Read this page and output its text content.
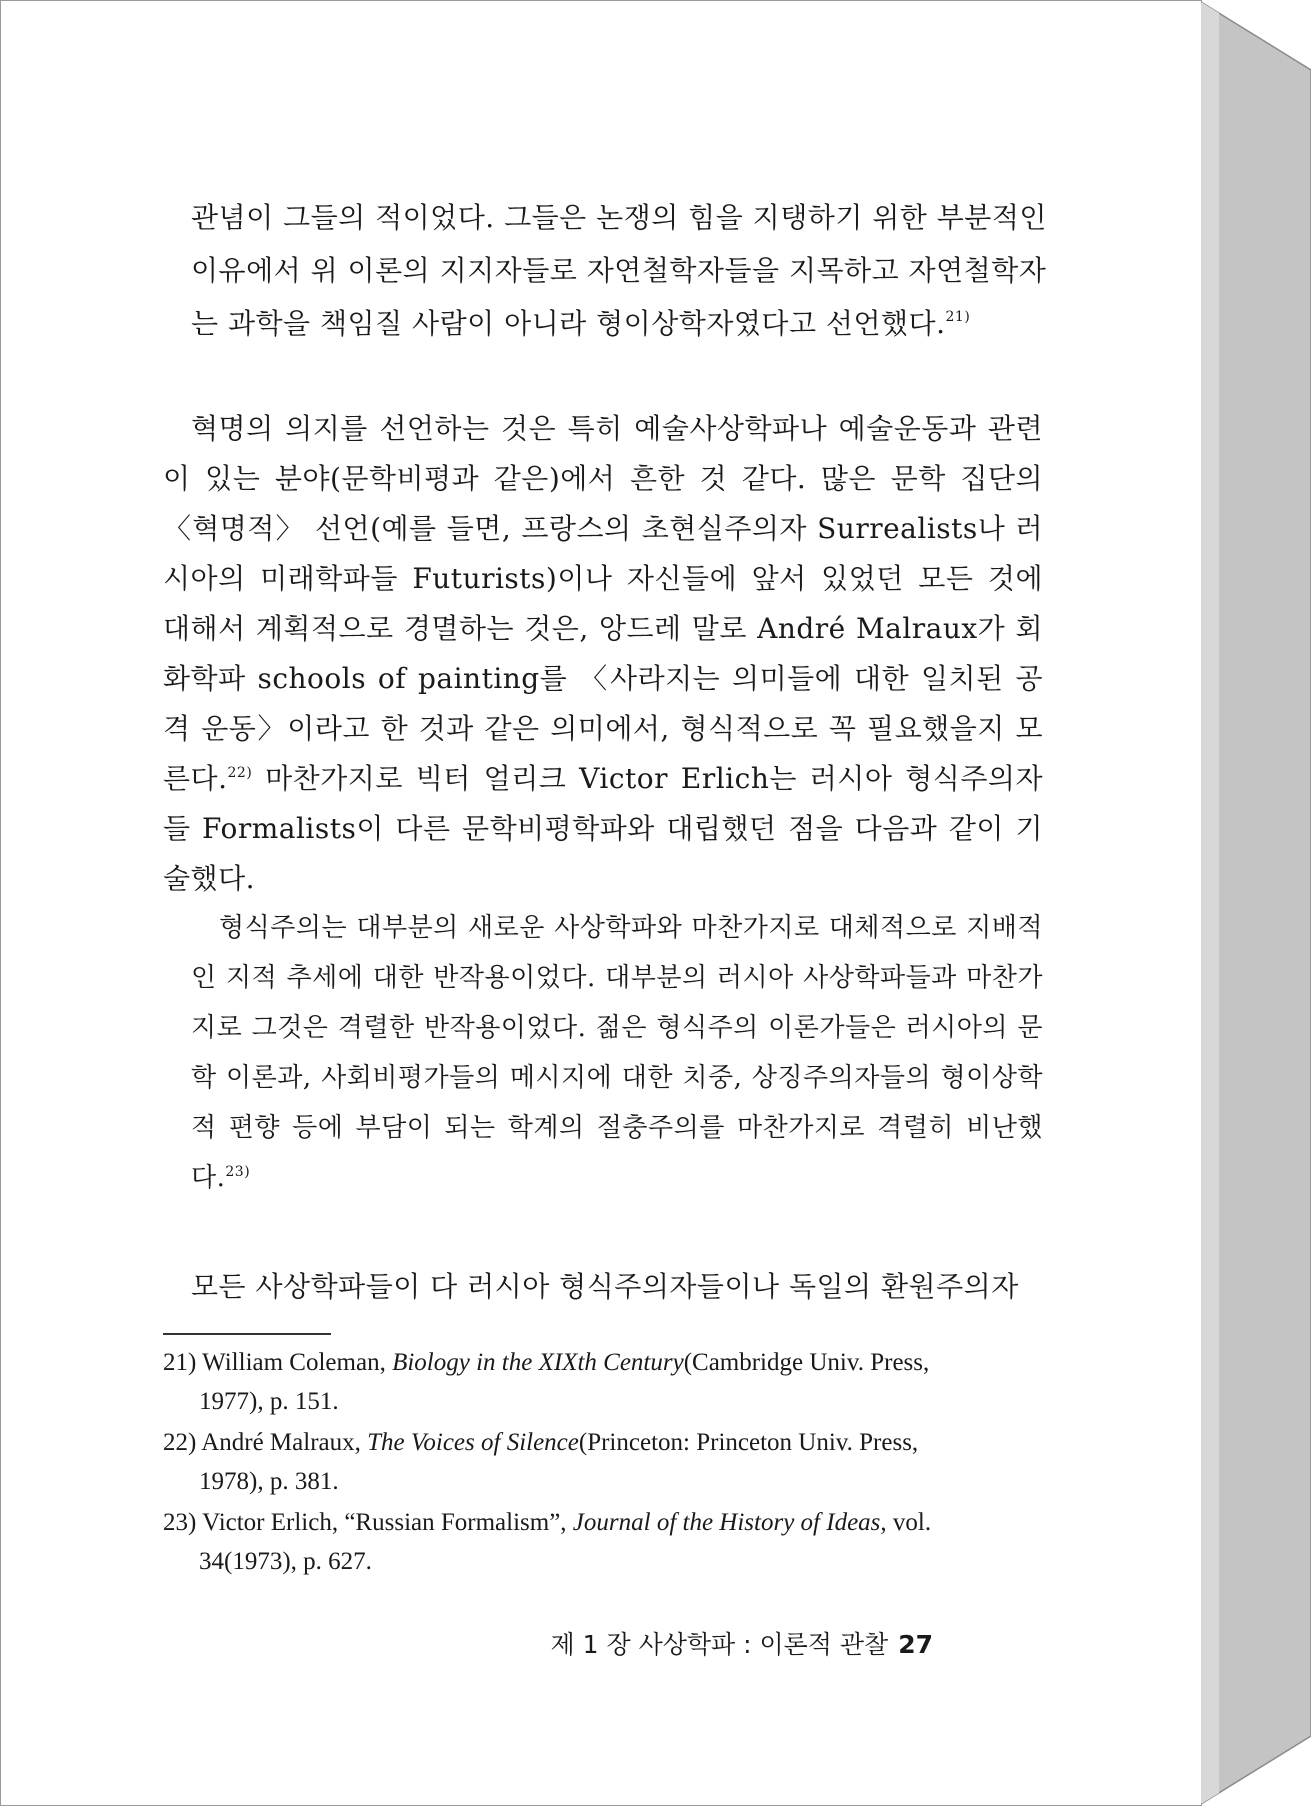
관념이 그들의 적이었다. 그들은 논쟁의 힘을 지탱하기 위한 부분적인 이유에서 위 이론의 지지자들로 자연철학자들을 지목하고 자연철학자는 과학을 책임질 사람이 아니라 형이상학자였다고 선언했다.$^{21)}$
혁명의 의지를 선언하는 것은 특히 예술사상학파나 예술운동과 관련이 있는 분야(문학비평과 같은)에서 흔한 것 같다. 많은 문학 집단의 〈혁명적〉 선언(예를 들면, 프랑스의 초현실주의자 Surrealists나 러시아의 미래학파들 Futurists)이나 자신들에 앞서 있었던 모든 것에 대해서 계획적으로 경멸하는 것은, 앙드레 말로 André Malraux가 회화학파 schools of painting를 〈사라지는 의미들에 대한 일치된 공격 운동〉이라고 한 것과 같은 의미에서, 형식적으로 꼭 필요했을지 모른다.$^{22)}$ 마찬가지로 빅터 얼리크 Victor Erlich는 러시아 형식주의자들 Formalists이 다른 문학비평학파와 대립했던 점을 다음과 같이 기술했다.
형식주의는 대부분의 새로운 사상학파와 마찬가지로 대체적으로 지배적인 지적 추세에 대한 반작용이었다. 대부분의 러시아 사상학파들과 마찬가지로 그것은 격렬한 반작용이었다. 젊은 형식주의 이론가들은 러시아의 문학 이론과, 사회비평가들의 메시지에 대한 치중, 상징주의자들의 형이상학적 편향 등에 부담이 되는 학계의 절충주의를 마찬가지로 격렬히 비난했다.$^{23)}$
모든 사상학파들이 다 러시아 형식주의자들이나 독일의 환원주의자
21) William Coleman, Biology in the XIXth Century(Cambridge Univ. Press,
1977), p. 151.
22) André Malraux, The Voices of Silence(Princeton: Princeton Univ. Press,
1978), p. 381.
23) Victor Erlich, “Russian Formalism”, Journal of the History of Ideas, vol.
34(1973), p. 627.
제 1 장 사상학파 : 이론적 관찰 27
